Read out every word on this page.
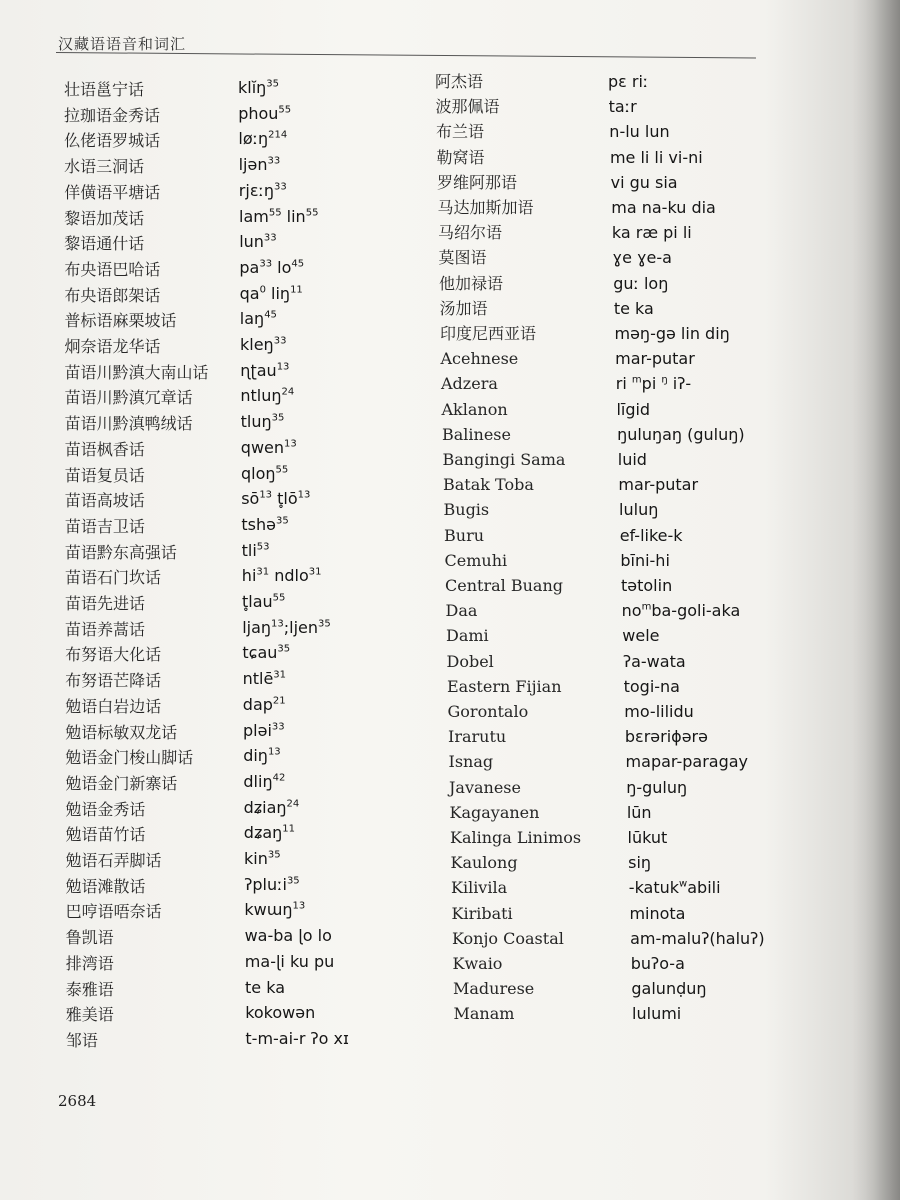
汉藏语语音和词汇
壮语邕宁话
拉珈语金秀话
仫佬语罗城话
水语三洞话
佯僙语平塘话
黎语加茂话
黎语通什话
布央语巴哈话
布央语郎架话
普标语麻栗坡话
炯奈语龙华话
苗语川黔滇大南山话
苗语川黔滇冗章话
苗语川黔滇鸭绒话
苗语枫香话
苗语复员话
苗语高坡话
苗语吉卫话
苗语黔东高强话
苗语石门坎话
苗语先进话
苗语养蒿话
布努语大化话
布努语芒降话
勉语白岩边话
勉语标敏双龙话
勉语金门梭山脚话
勉语金门新寨话
勉语金秀话
勉语苗竹话
勉语石弄脚话
勉语滩散话
巴哼语唔奈话
鲁凯语
排湾语
泰雅语
雅美语
邹语
klĭŋ$^{35}$
phou$^{55}$
løːŋ$^{214}$
ljən$^{33}$
rjɛːŋ$^{33}$
lam$^{55}$ lin$^{55}$
lun$^{33}$
$pa^{33}$ $lo^{45}$
$qa^0$ liŋ$^{11}$
laŋ$^{45}$
kleŋ$^{33}$
ɳʈau$^{13}$
ntluŋ$^{24}$
tluŋ$^{35}$
qwen$^{13}$
qloŋ$^{55}$
$sō^{13}$ $t̥lō^{13}$
tshə$^{35}$
tli$^{53}$
$hi^{31}$ ndlo$^{31}$
t̥lau$^{55}$
ljaŋ$^{13}$;ljen$^{35}$
tɕau$^{35}$
ntlē$^{31}$
dap$^{21}$
pləi$^{33}$
diŋ$^{13}$
dliŋ$^{42}$
dʑiaŋ$^{24}$
dʑaŋ$^{11}$
kin$^{35}$
ʔpluːi$^{35}$
kwɯŋ$^{13}$
wa-ba ɭo lo
ma-ɭi ku pu
te ka
kokowən
t-m-ai-r ʔo xɪ
阿杰语
波那佩语
布兰语
勒窝语
罗维阿那语
马达加斯加语
马绍尔语
莫图语
他加禄语
汤加语
印度尼西亚语
Acehnese
Adzera
Aklanon
Balinese
Bangingi Sama
Batak Toba
Bugis
Buru
Cemuhi
Central Buang
Daa
Dami
Dobel
Eastern Fijian
Gorontalo
Irarutu
Isnag
Javanese
Kagayanen
Kalinga Linimos
Kaulong
Kilivila
Kiribati
Konjo Coastal
Kwaio
Madurese
Manam
pɛ riː
taːr
n-lu lun
me li li vi-ni
vi gu sia
ma na-ku dia
ka ræ pi li
ɣe ɣe-a
guː loŋ
te ka
məŋ-gə lin diŋ
mar-putar
ri $^m$pi $^ŋ$ iʔ-
līgid
ŋuluŋaŋ (guluŋ)
luid
mar-putar
luluŋ
ef-like-k
bīni-hi
tətolin
$no^mba-goli$-aka
wele
ʔa-wata
togi-na
mo-lilidu
bɛrəriɸərə
mapar-paragay
ŋ-guluŋ
lūn
lūkut
siŋ
-katuk$^w$abili
minota
am-maluʔ(haluʔ)
buʔo-a
galunḍuŋ
lulumi
2684
